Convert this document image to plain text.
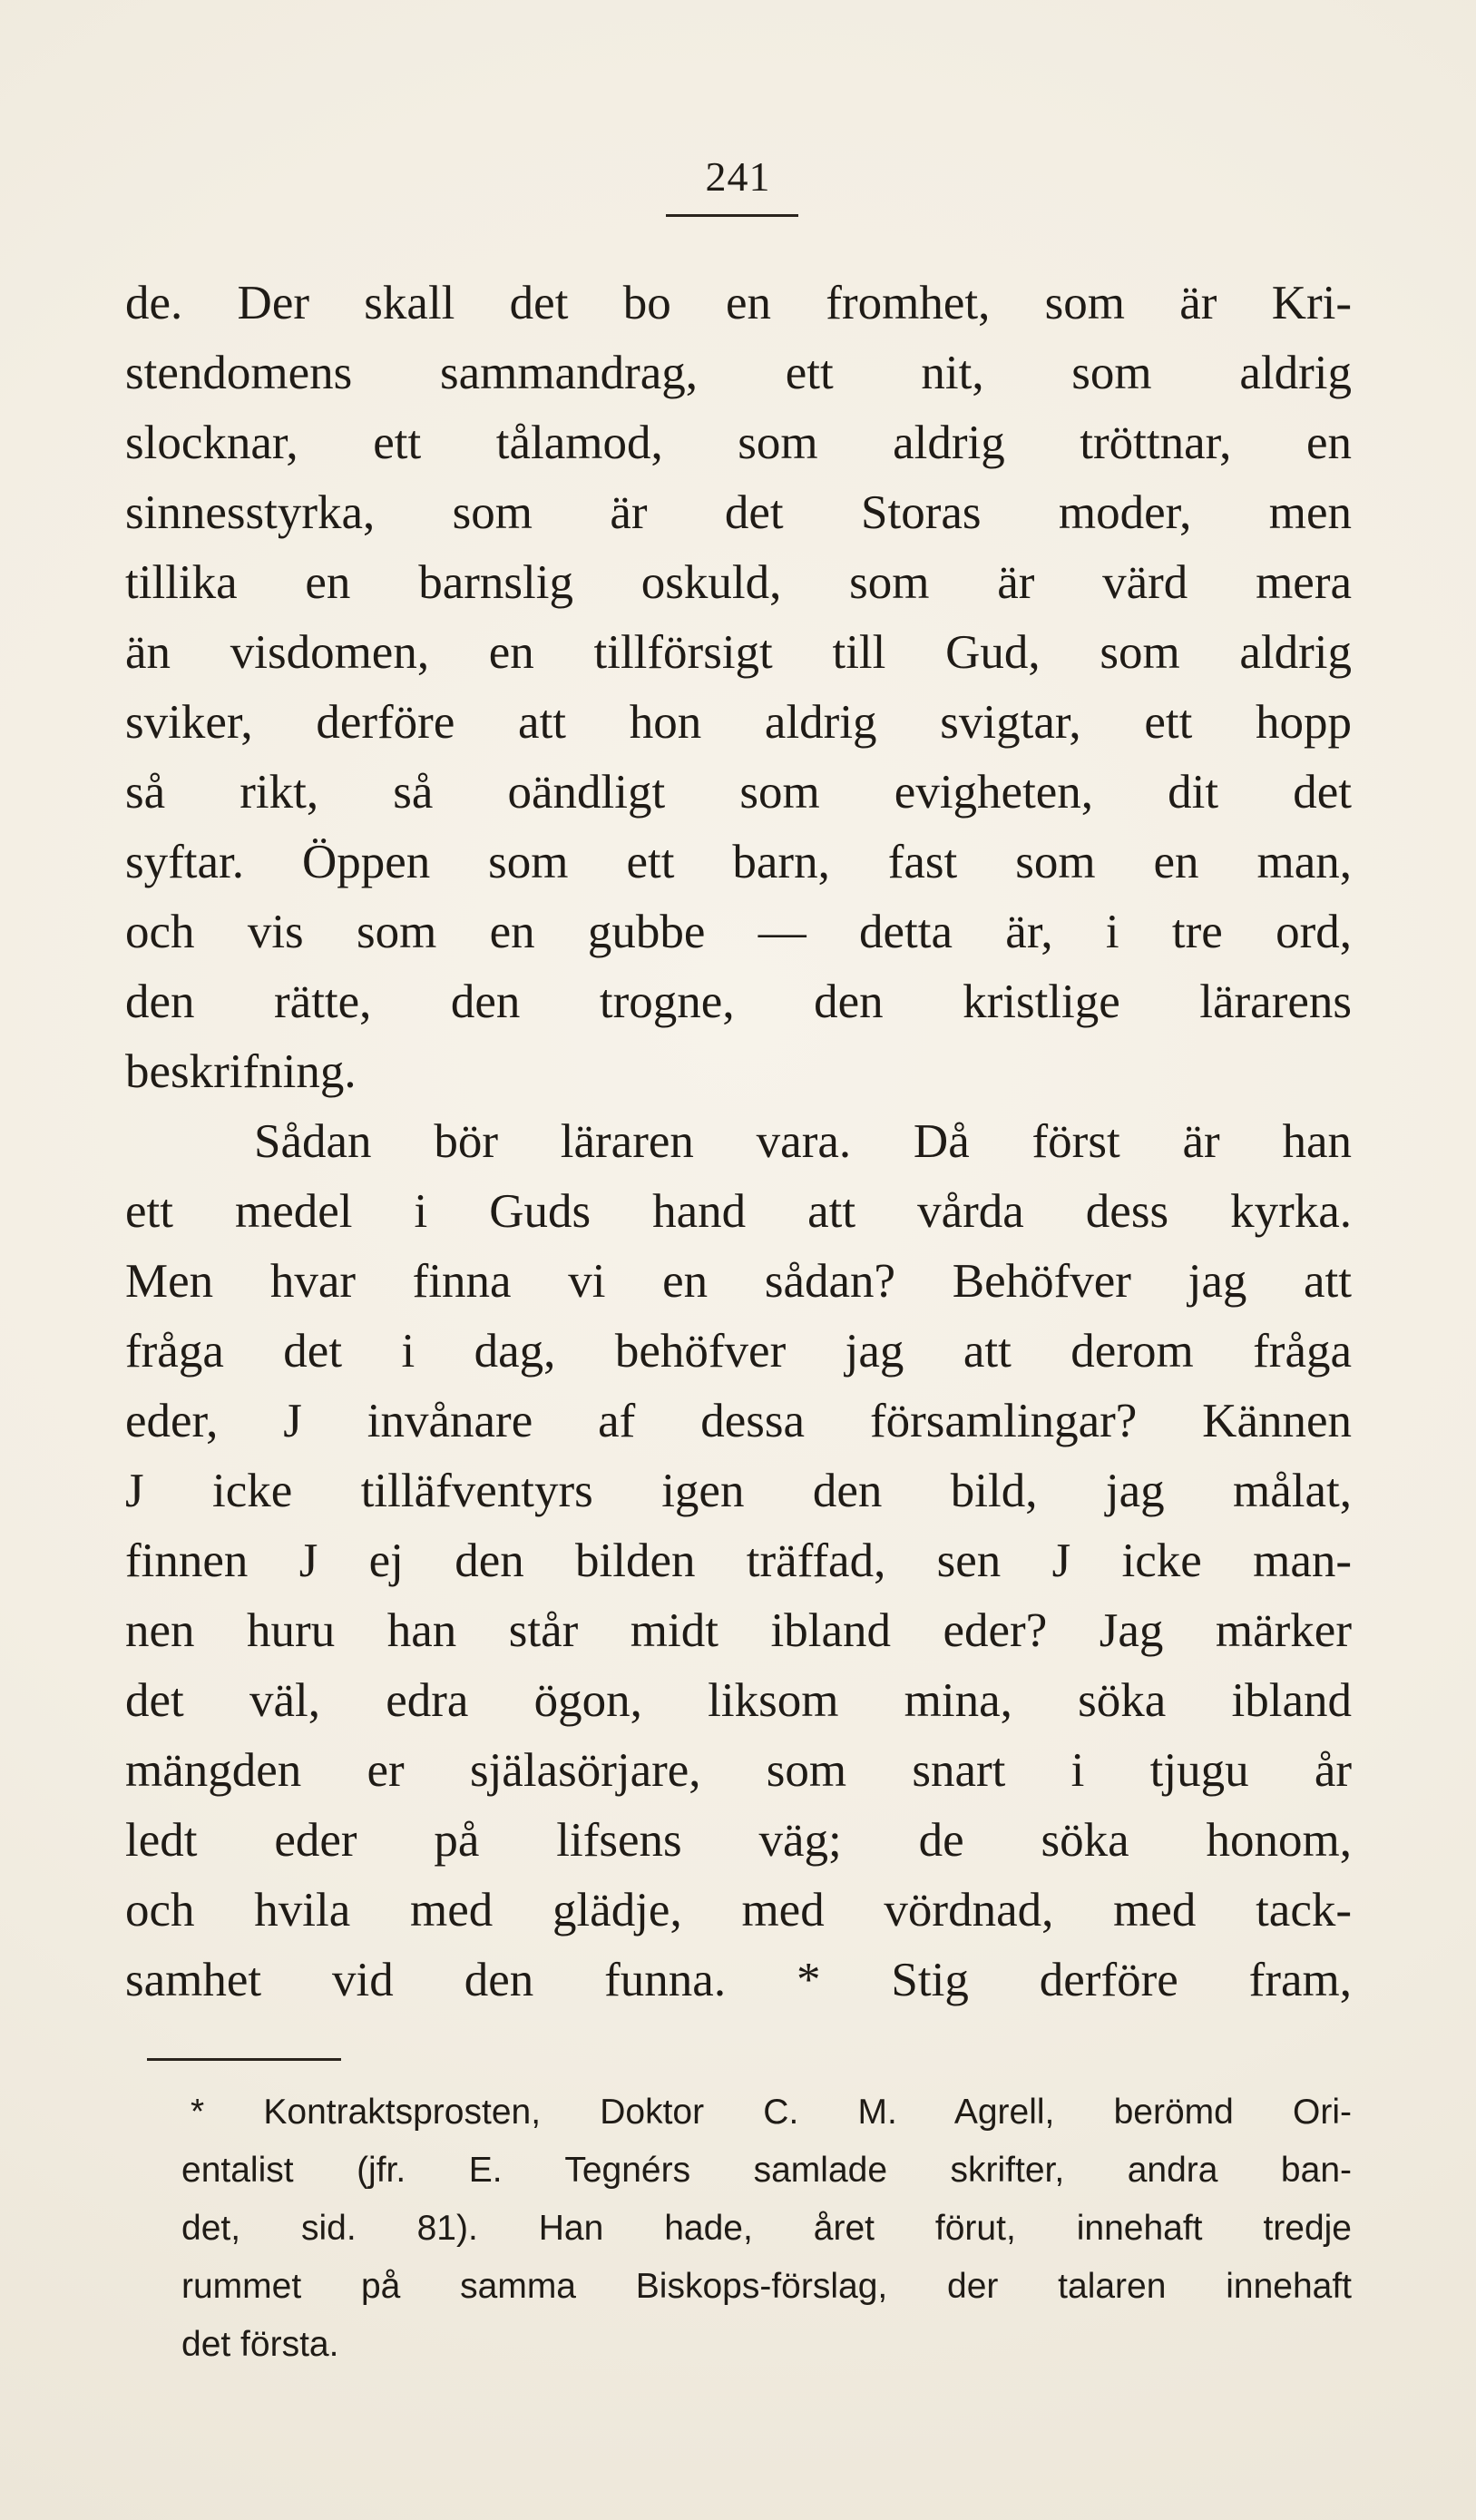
241
de. Der skall det bo en fromhet, som är Kri-
stendomens sammandrag, ett nit, som aldrig
slocknar, ett tålamod, som aldrig tröttnar, en
sinnesstyrka, som är det Storas moder, men
tillika en barnslig oskuld, som är värd mera
än visdomen, en tillförsigt till Gud, som aldrig
sviker, derföre att hon aldrig svigtar, ett hopp
så rikt, så oändligt som evigheten, dit det
syftar. Öppen som ett barn, fast som en man,
och vis som en gubbe — detta är, i tre ord,
den rätte, den trogne, den kristlige lärarens
beskrifning.
Sådan bör läraren vara. Då först är han
ett medel i Guds hand att vårda dess kyrka.
Men hvar finna vi en sådan? Behöfver jag att
fråga det i dag, behöfver jag att derom fråga
eder, J invånare af dessa församlingar? Kännen
J icke tilläfventyrs igen den bild, jag målat,
finnen J ej den bilden träffad, sen J icke man-
nen huru han står midt ibland eder? Jag märker
det väl, edra ögon, liksom mina, söka ibland
mängden er själasörjare, som snart i tjugu år
ledt eder på lifsens väg; de söka honom,
och hvila med glädje, med vördnad, med tack-
samhet vid den funna. * Stig derföre fram,
* Kontraktsprosten, Doktor C. M. Agrell, berömd Ori-
entalist (jfr. E. Tegnérs samlade skrifter, andra ban-
det, sid. 81). Han hade, året förut, innehaft tredje
rummet på samma Biskops-förslag, der talaren innehaft
det första.
